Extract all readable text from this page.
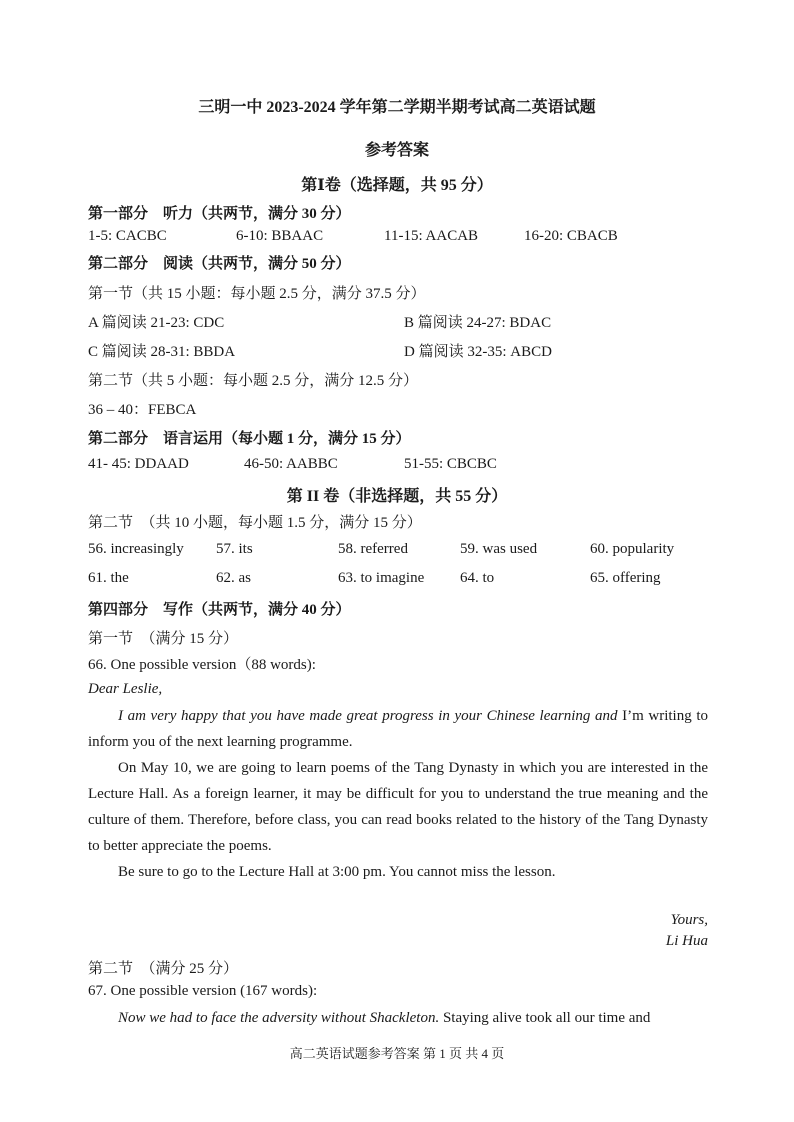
三明一中 2023-2024 学年第二学期半期考试高二英语试题
参考答案
第Ⅰ卷（选择题，共 95 分）
第一部分　听力（共两节，满分 30 分）
1-5: CACBC	6-10: BBAAC	11-15: AACAB	16-20: CBACB
第二部分　阅读（共两节，满分 50 分）
第一节（共 15 小题：每小题 2.5 分，满分 37.5 分）
A 篇阅读 21-23: CDC	B 篇阅读 24-27: BDAC
C 篇阅读 28-31: BBDA	D 篇阅读 32-35: ABCD
第二节（共 5 小题：每小题 2.5 分，满分 12.5 分）
36 – 40：FEBCA
第二部分　语言运用（每小题 1 分，满分 15 分）
41- 45: DDAAD	46-50: AABBC	51-55: CBCBC
第 II 卷（非选择题，共 55 分）
第二节　（共 10 小题，每小题 1.5 分，满分 15 分）
56. increasingly 57. its	58. referred	59. was used	60. popularity
61. the	62. as	63. to imagine 64. to	65. offering
第四部分　写作（共两节，满分 40 分）
第一节　（满分 15 分）
66. One possible version（88 words):
Dear Leslie,
I am very happy that you have made great progress in your Chinese learning and I’m writing to inform you of the next learning programme.
On May 10, we are going to learn poems of the Tang Dynasty in which you are interested in the Lecture Hall. As a foreign learner, it may be difficult for you to understand the true meaning and the culture of them. Therefore, before class, you can read books related to the history of the Tang Dynasty to better appreciate the poems.
Be sure to go to the Lecture Hall at 3:00 pm. You cannot miss the lesson.
Yours,
Li Hua
第二节　（满分 25 分）
67. One possible version (167 words):
Now we had to face the adversity without Shackleton. Staying alive took all our time and
高二英语试题参考答案 第 1 页 共 4 页
